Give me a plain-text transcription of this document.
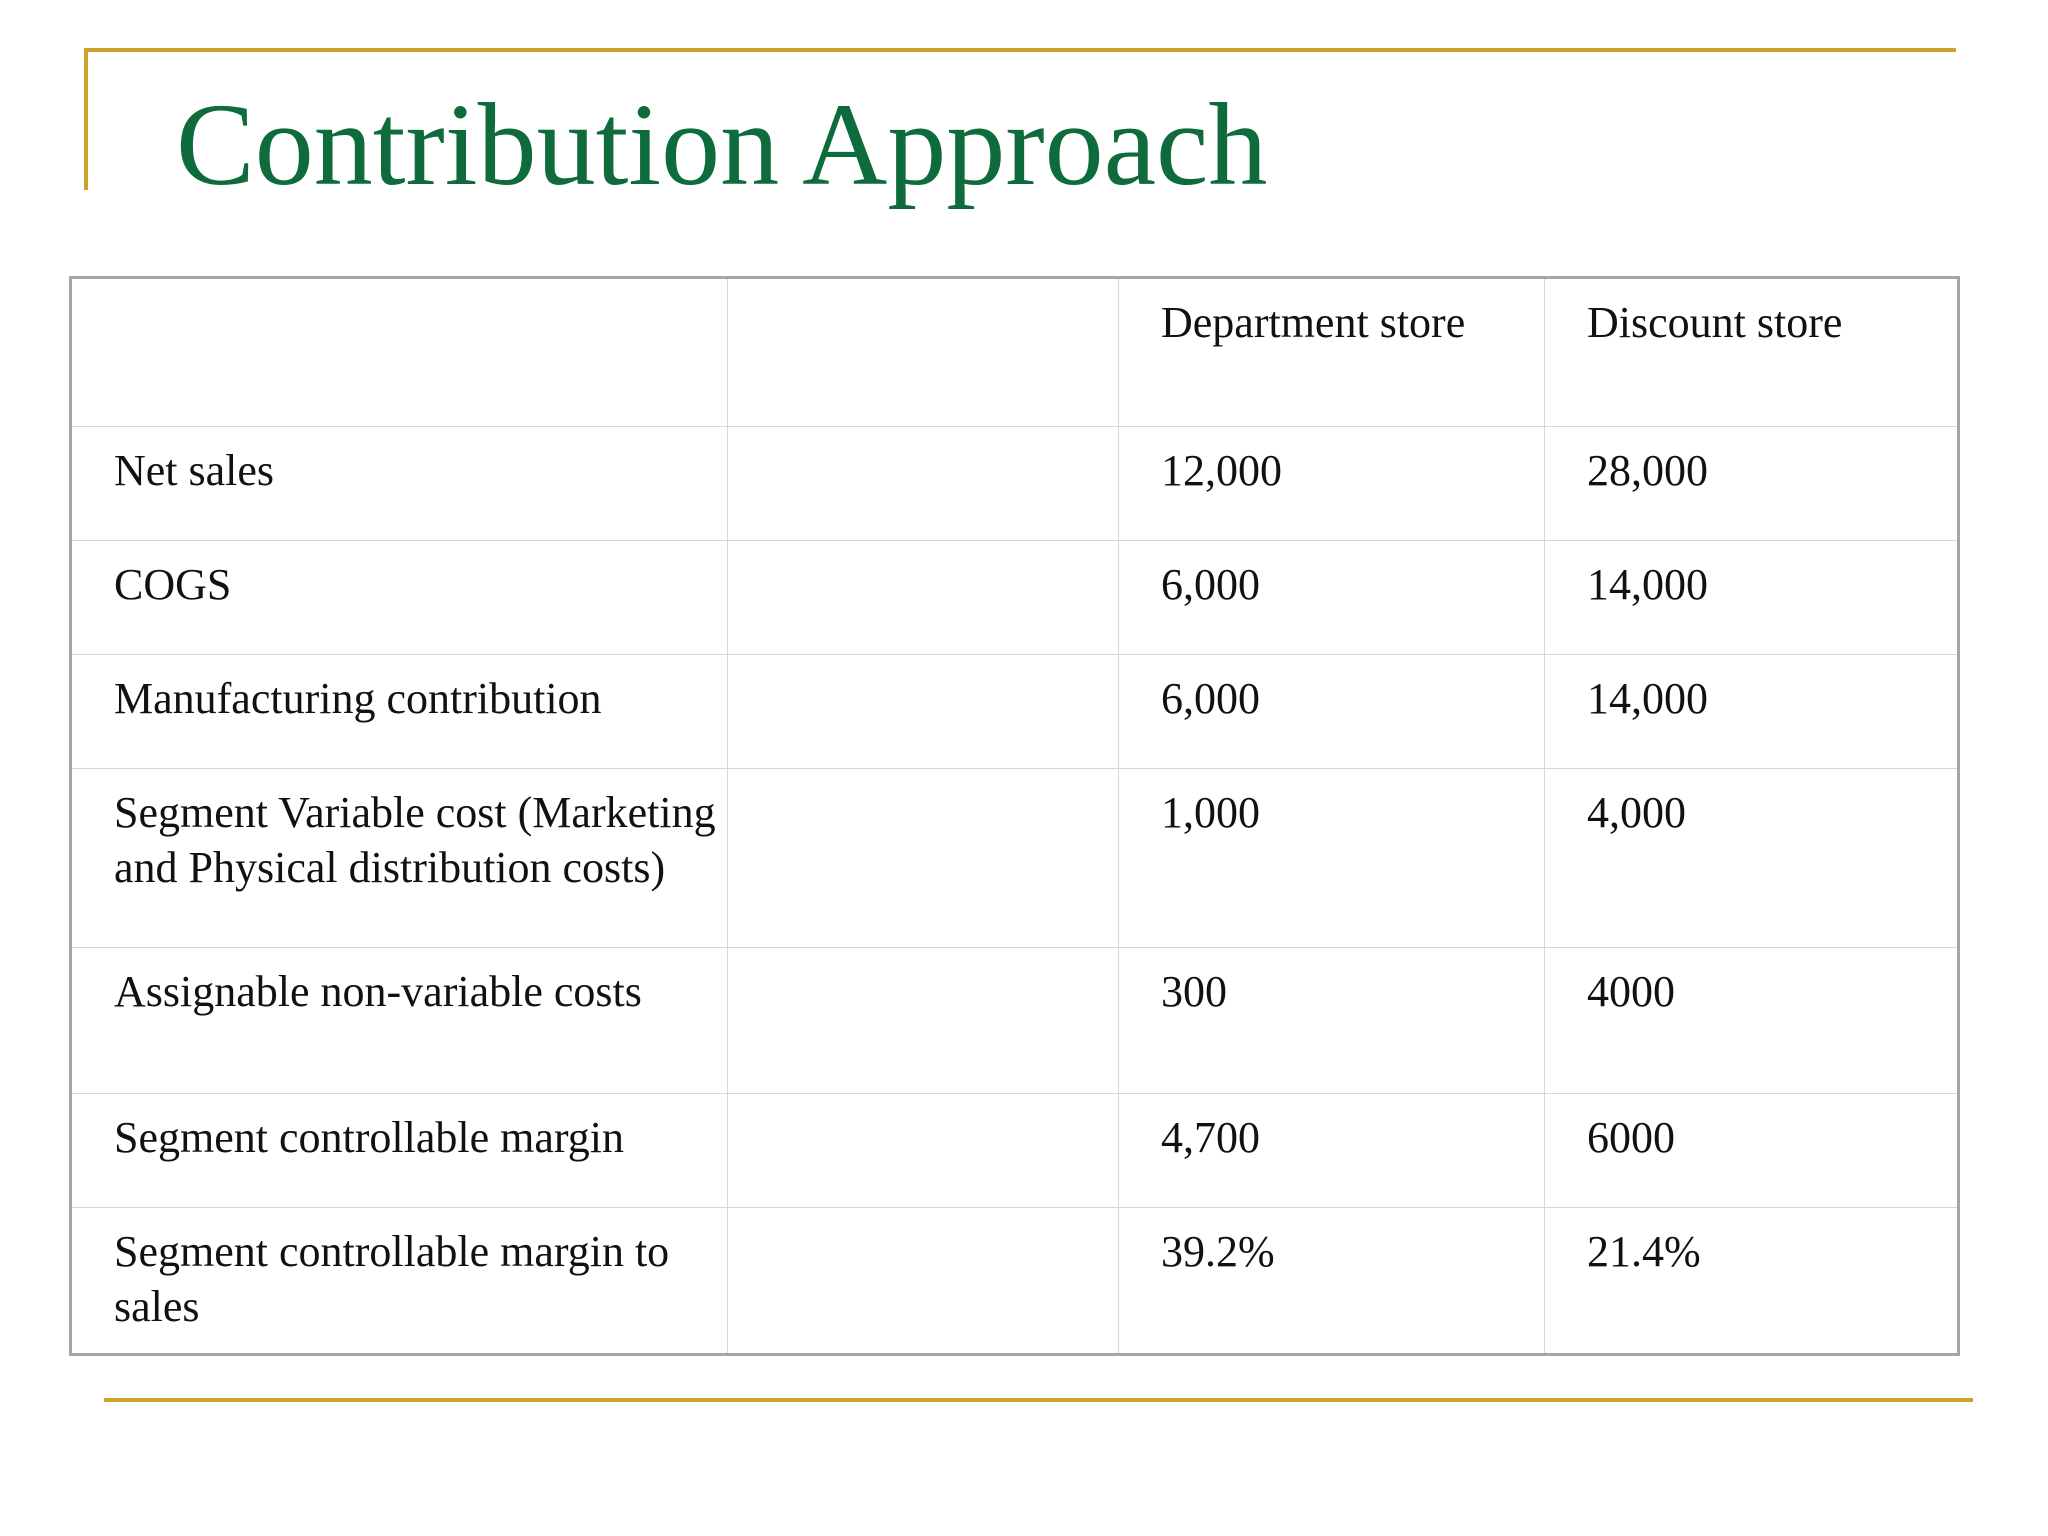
Contribution Approach
		Department store	Discount store
Net sales		12,000	28,000
COGS		6,000	14,000
Manufacturing contribution		6,000	14,000
Segment Variable cost (Marketing and Physical distribution costs)		1,000	4,000
Assignable non-variable costs		300	4000
Segment controllable margin		4,700	6000
Segment controllable margin to sales		39.2%	21.4%
